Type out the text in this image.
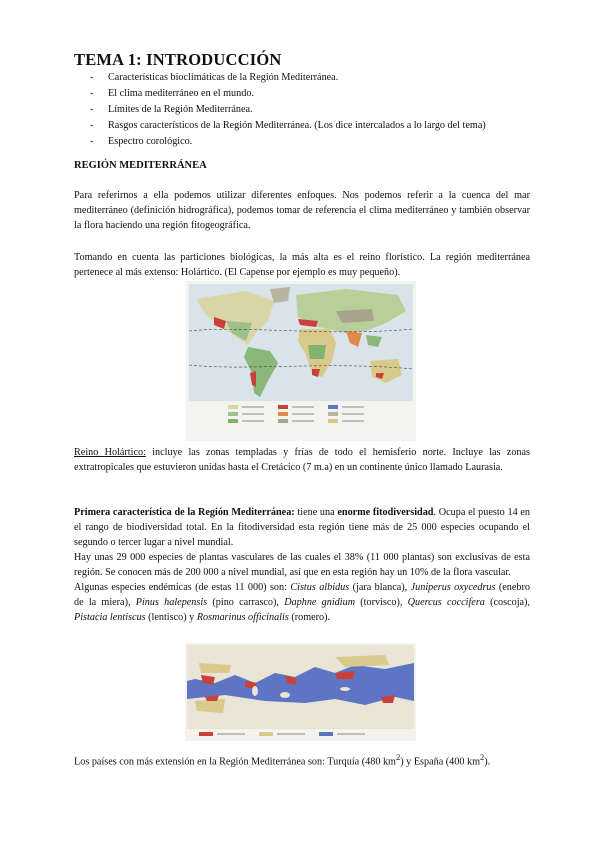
TEMA 1: INTRODUCCIÓN
- Características bioclimáticas de la Región Mediterránea.
- El clima mediterráneo en el mundo.
- Límites de la Región Mediterránea.
- Rasgos característicos de la Región Mediterránea. (Los dice intercalados a lo largo del tema)
- Espectro corológico.
REGIÓN MEDITERRÁNEA

Para referirnos a ella podemos utilizar diferentes enfoques. Nos podemos referir a la cuenca del mar mediterráneo (definición hidrográfica), podemos tomar de referencia el clima mediterráneo y también observar la flora haciendo una región fitogeográfica.

Tomando en cuenta las particiones biológicas, la más alta es el reino florístico. La región mediterránea pertenece al más extenso: Holártico. (El Capense por ejemplo es muy pequeño).

Reino Holártico: incluye las zonas templadas y frías de todo el hemisferio norte. Incluye las zonas extratropicales que estuvieron unidas hasta el Cretácico (7 m.a) en un continente único llamado Laurasia.

Primera característica de la Región Mediterránea: tiene una enorme fitodiversidad. Ocupa el puesto 14 en el rango de biodiversidad total. En la fitodiversidad esta región tiene más de 25 000 especies ocupando el segundo o tercer lugar a nivel mundial.
Hay unas 29 000 especies de plantas vasculares de las cuales el 38% (11 000 plantas) son exclusivas de esta región. Se conocen más de 200 000 a nivel mundial, así que en esta región hay un 10% de la flora vascular.
Algunas especies endémicas (de estas 11 000) son: Cistus albidus (jara blanca), Juniperus oxycedrus (enebro de la miera), Pinus halepensis (pino carrasco), Daphne gnidium (torvisco), Quercus coccifera (coscoja), Pistacia lentiscus (lentisco) y Rosmarinus officinalis (romero).

Los países con más extensión en la Región Mediterránea son: Turquía (480 $km^2$) y España (400 $km^2$).
